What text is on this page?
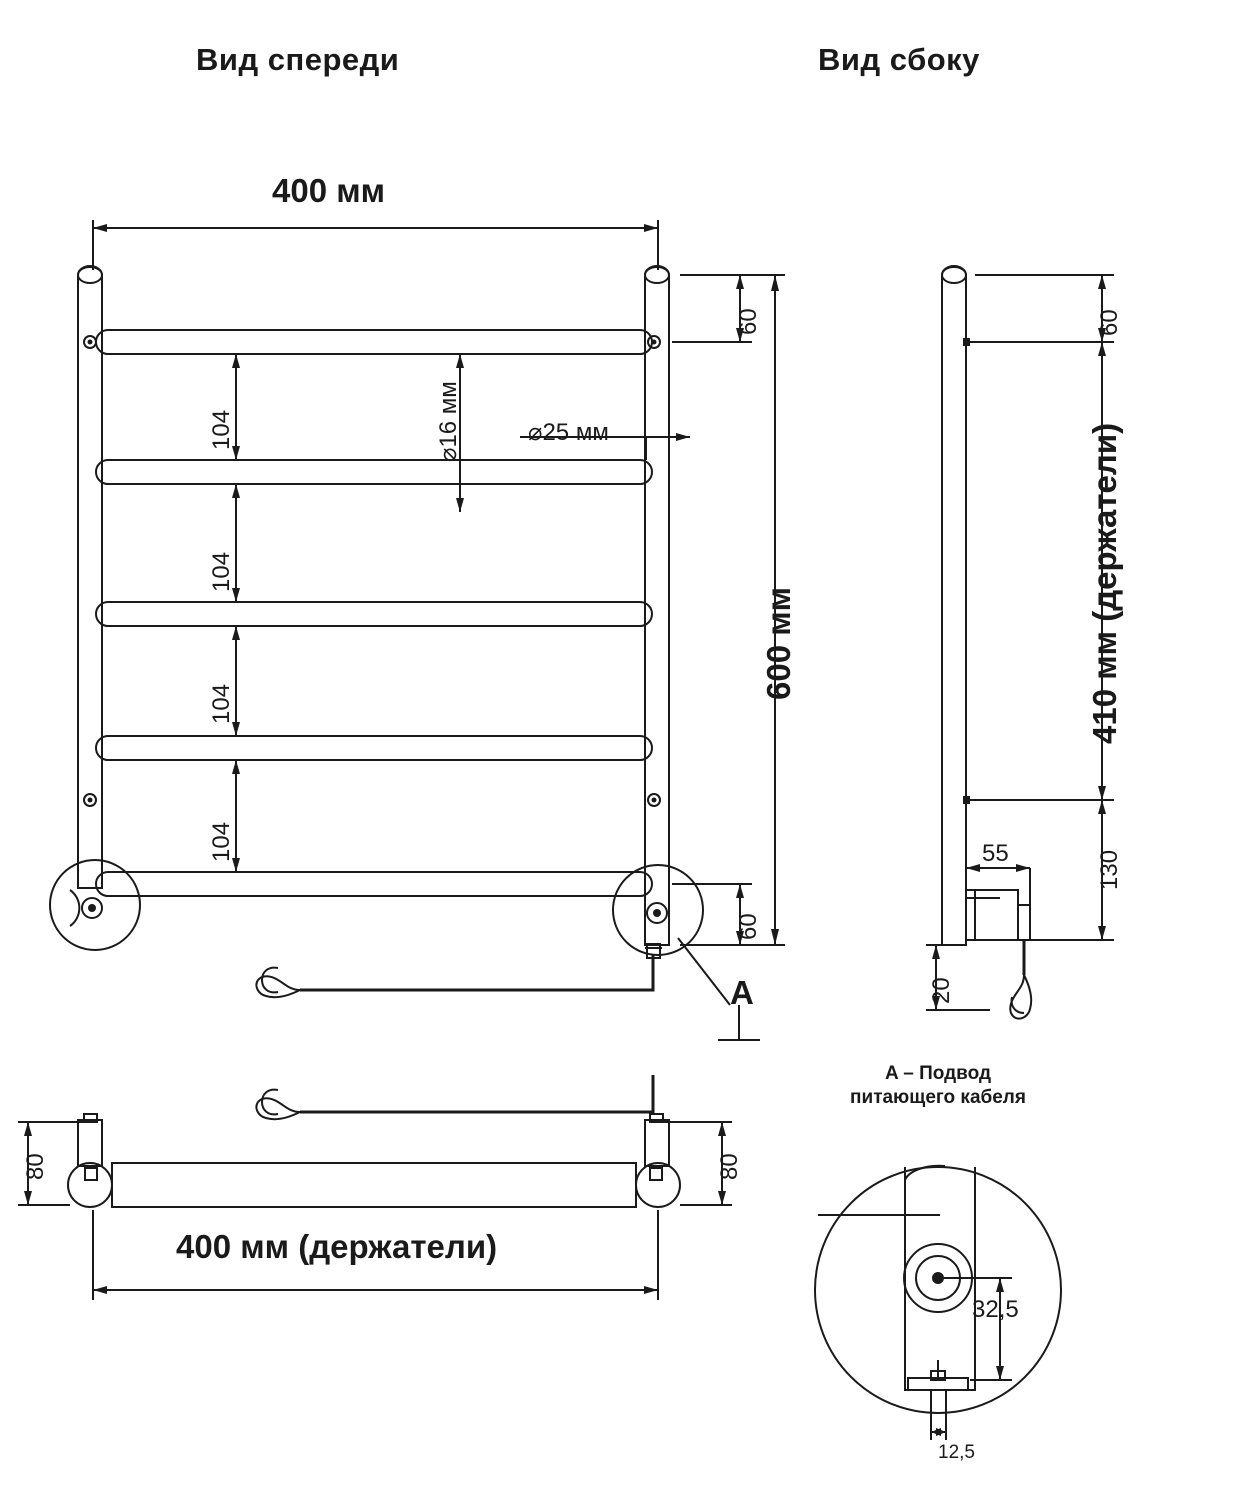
Вид спереди	Вид сбоку
400 мм
600 мм
60
60
104
104
104
104
⌀16 мм	⌀25 мм
A
80	80
400 мм (держатели)
60
410 мм (держатели)
130
55
20
A – Подвод
питающего кабеля
32,5
12,5
